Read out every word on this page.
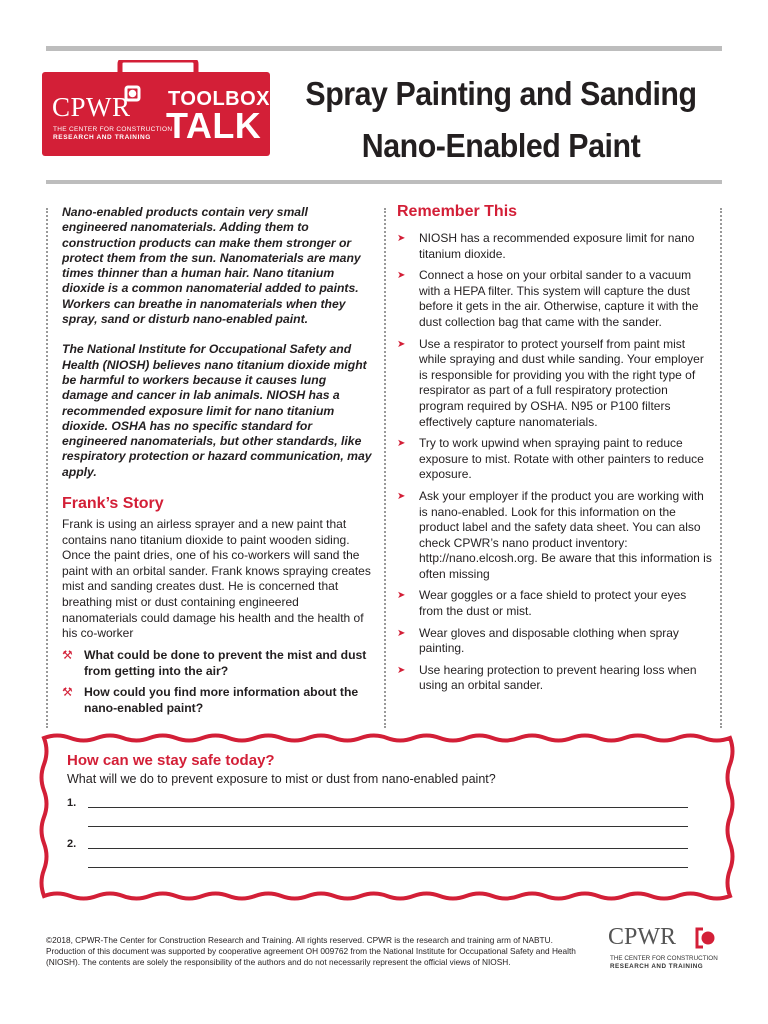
CPWR
THE CENTER FOR CONSTRUCTION
RESEARCH AND TRAINING
TOOLBOX
TALK
Spray Painting and Sanding
Nano-Enabled Paint

Nano-enabled products contain very small engineered nanomaterials. Adding them to construction products can make them stronger or protect them from the sun. Nanomaterials are many times thinner than a human hair. Nano titanium dioxide is a common nanomaterial added to paints. Workers can breathe in nanomaterials when they spray, sand or disturb nano-enabled paint.

The National Institute for Occupational Safety and Health (NIOSH) believes nano titanium dioxide might be harmful to workers because it causes lung damage and cancer in lab animals. NIOSH has a recommended exposure limit for nano titanium dioxide. OSHA has no specific standard for engineered nanomaterials, but other standards, like respiratory protection or hazard communication, may apply.

Frank’s Story

Frank is using an airless sprayer and a new paint that contains nano titanium dioxide to paint wooden siding. Once the paint dries, one of his co-workers will sand the paint with an orbital sander. Frank knows spraying creates mist and sanding creates dust. He is concerned that breathing mist or dust containing engineered nanomaterials could damage his health and the health of his co-worker

⚒ What could be done to prevent the mist and dust from getting into the air?
⚒ How could you find more information about the nano-enabled paint?
Remember This
➤	NIOSH has a recommended exposure limit for nano titanium dioxide.
➤	Connect a hose on your orbital sander to a vacuum with a HEPA filter. This system will capture the dust before it gets in the air. Otherwise, capture it with the dust collection bag that came with the sander.
➤	Use a respirator to protect yourself from paint mist while spraying and dust while sanding. Your employer is responsible for providing you with the right type of respirator as part of a full respiratory protection program required by OSHA. N95 or P100 filters effectively capture nanomaterials.
➤	Try to work upwind when spraying paint to reduce exposure to mist. Rotate with other painters to reduce exposure.
➤	Ask your employer if the product you are working with is nano-enabled. Look for this information on the product label and the safety data sheet. You can also check CPWR’s nano product inventory: http://nano.elcosh.org. Be aware that this information is often missing
➤	Wear goggles or a face shield to protect your eyes from the dust or mist.
➤	Wear gloves and disposable clothing when spray painting.
➤	Use hearing protection to prevent hearing loss when using an orbital sander.
How can we stay safe today?
What will we do to prevent exposure to mist or dust from nano-enabled paint?
1.
2.
©2018, CPWR-The Center for Construction Research and Training. All rights reserved. CPWR is the research and training arm of NABTU. Production of this document was supported by cooperative agreement OH 009762 from the National Institute for Occupational Safety and Health (NIOSH). The contents are solely the responsibility of the authors and do not necessarily represent the official views of NIOSH.
CPWR
THE CENTER FOR CONSTRUCTION
RESEARCH AND TRAINING
